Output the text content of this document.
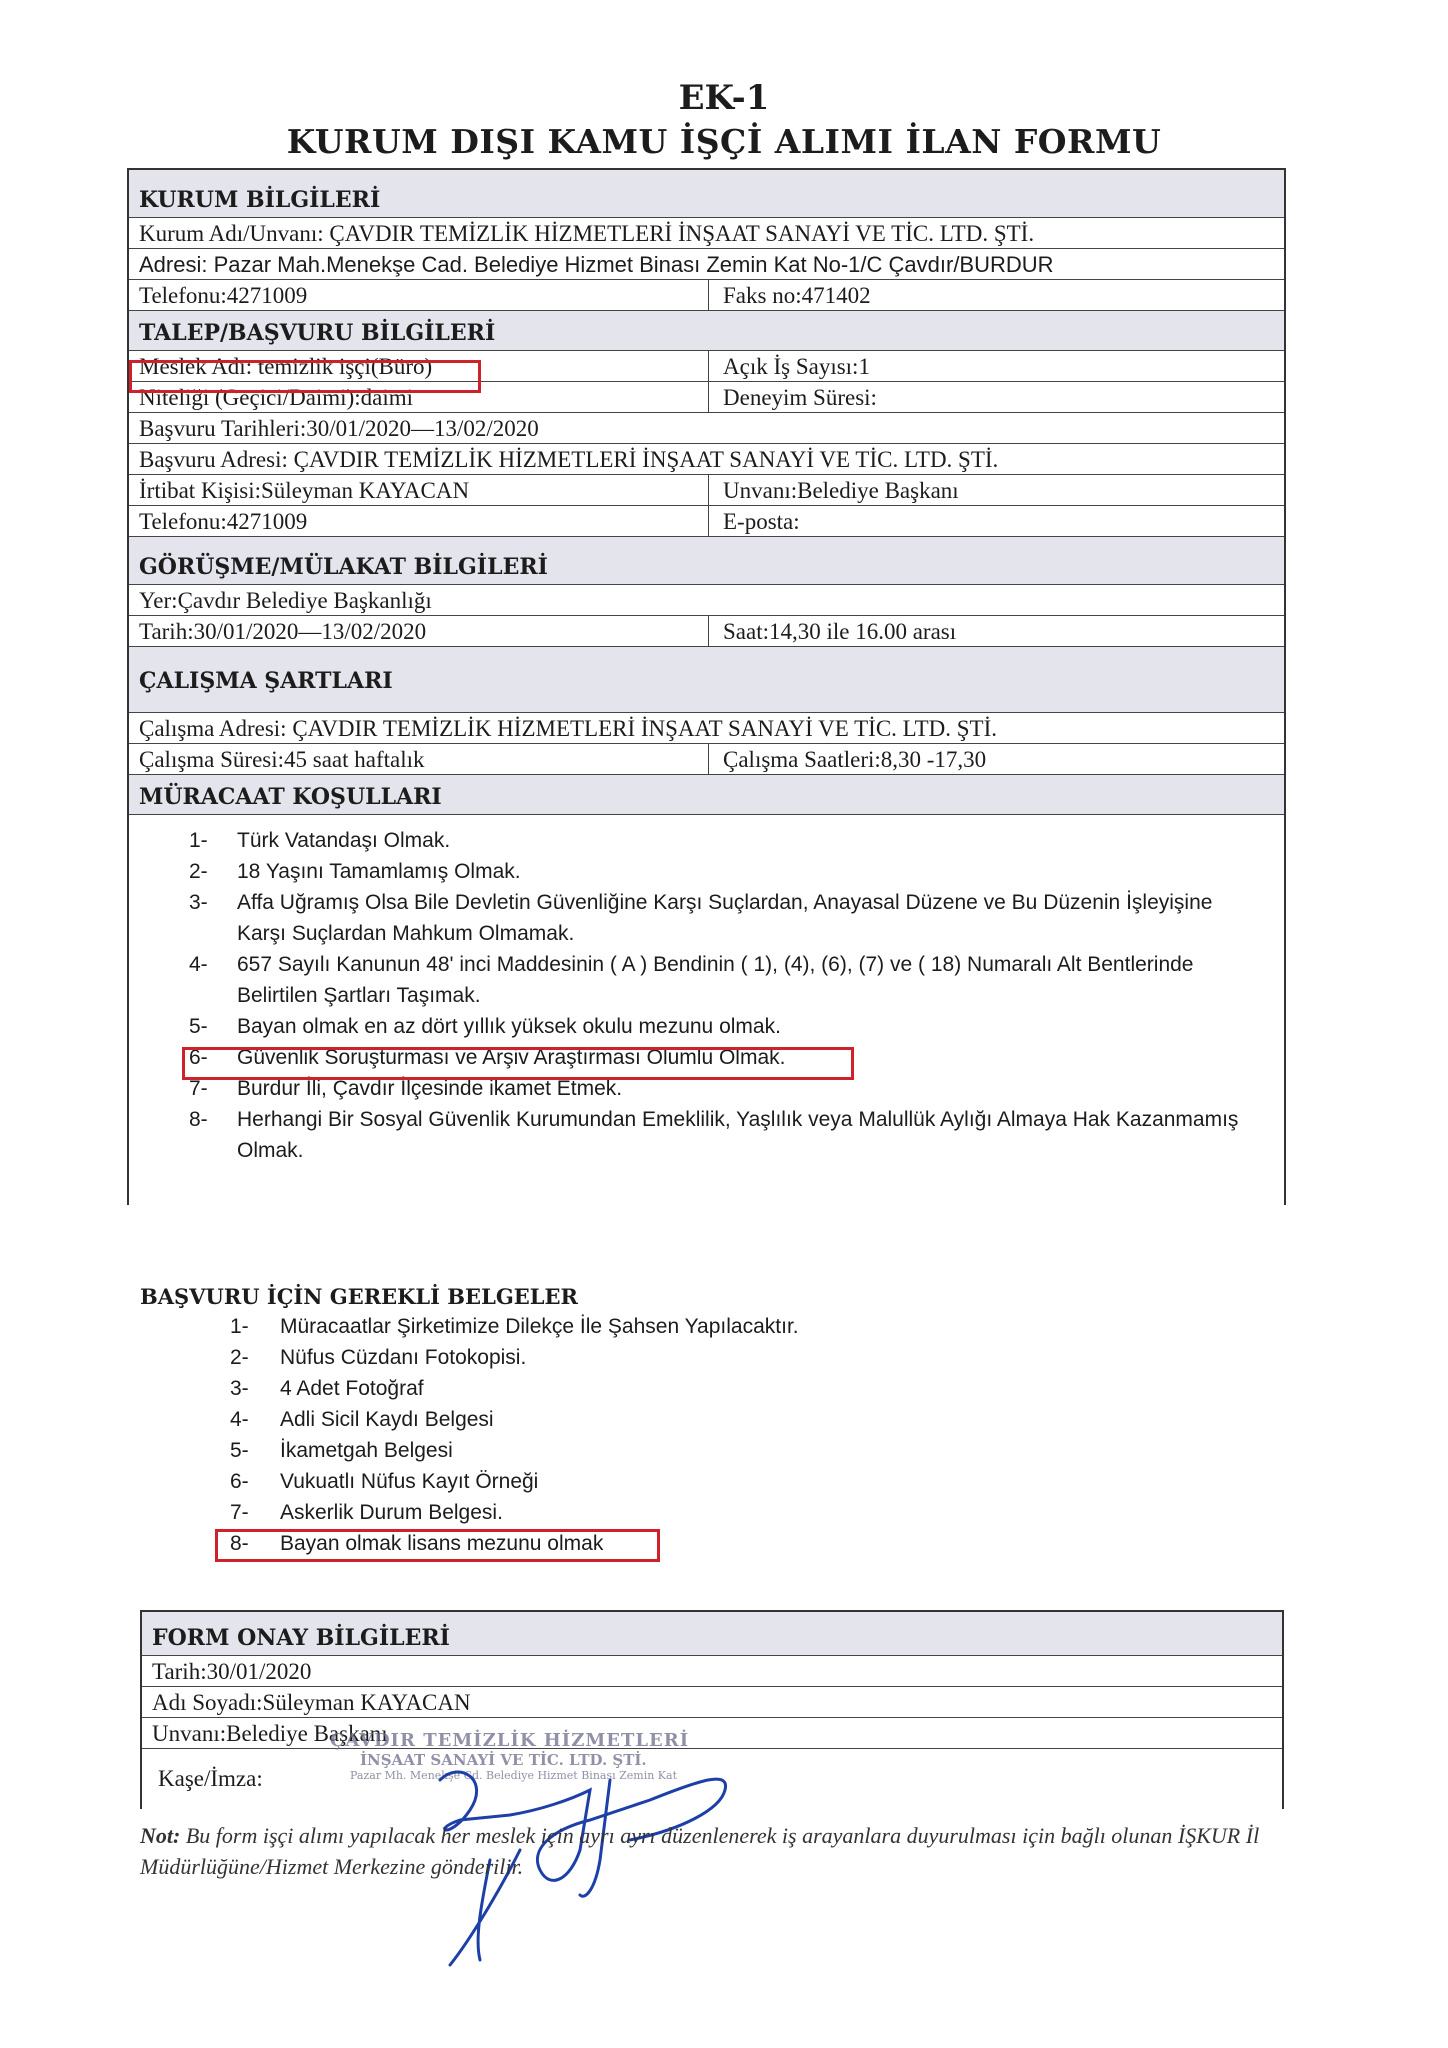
EK-1
KURUM DIŞI KAMU İŞÇİ ALIMI İLAN FORMU
KURUM BİLGİLERİ
Kurum Adı/Unvanı: ÇAVDIR TEMİZLİK HİZMETLERİ İNŞAAT SANAYİ VE TİC. LTD. ŞTİ.
Adresi: Pazar Mah.Menekşe Cad. Belediye Hizmet Binası Zemin Kat No-1/C Çavdır/BURDUR
Telefonu:4271009	Faks no:471402
TALEP/BAŞVURU BİLGİLERİ
Meslek Adı: temizlik işçi(Büro)	Açık İş Sayısı:1
Niteliği (Geçici/Daimi):daimi	Deneyim Süresi:
Başvuru Tarihleri:30/01/2020—13/02/2020
Başvuru Adresi: ÇAVDIR TEMİZLİK HİZMETLERİ İNŞAAT SANAYİ VE TİC. LTD. ŞTİ.
İrtibat Kişisi:Süleyman KAYACAN	Unvanı:Belediye Başkanı
Telefonu:4271009	E-posta:
GÖRÜŞME/MÜLAKAT BİLGİLERİ
Yer:Çavdır Belediye Başkanlığı
Tarih:30/01/2020—13/02/2020	Saat:14,30 ile 16.00 arası
ÇALIŞMA ŞARTLARI
Çalışma Adresi: ÇAVDIR TEMİZLİK HİZMETLERİ İNŞAAT SANAYİ VE TİC. LTD. ŞTİ.
Çalışma Süresi:45 saat haftalık	Çalışma Saatleri:8,30 -17,30
MÜRACAAT KOŞULLARI
1-	Türk Vatandaşı Olmak.
2-	18 Yaşını Tamamlamış Olmak.
3-	Affa Uğramış Olsa Bile Devletin Güvenliğine Karşı Suçlardan, Anayasal Düzene ve Bu Düzenin İşleyişine Karşı Suçlardan Mahkum Olmamak.
4-	657 Sayılı Kanunun 48' inci Maddesinin ( A ) Bendinin ( 1), (4), (6), (7) ve ( 18) Numaralı Alt Bentlerinde Belirtilen Şartları Taşımak.
5-	Bayan olmak en az dört yıllık yüksek okulu mezunu olmak.
6-	Güvenlik Soruşturması ve Arşiv Araştırması Olumlu Olmak.
7-	Burdur İli, Çavdır İlçesinde ikamet Etmek.
8-	Herhangi Bir Sosyal Güvenlik Kurumundan Emeklilik, Yaşlılık veya Malullük Aylığı Almaya Hak Kazanmamış Olmak.
BAŞVURU İÇİN GEREKLİ BELGELER
1-	Müracaatlar Şirketimize Dilekçe İle Şahsen Yapılacaktır.
2-	Nüfus Cüzdanı Fotokopisi.
3-	4 Adet Fotoğraf
4-	Adli Sicil Kaydı Belgesi
5-	İkametgah Belgesi
6-	Vukuatlı Nüfus Kayıt Örneği
7-	Askerlik Durum Belgesi.
8-	Bayan olmak lisans mezunu olmak
FORM ONAY BİLGİLERİ
Tarih:30/01/2020
Adı Soyadı:Süleyman KAYACAN
Unvanı:Belediye Başkanı
Kaşe/İmza:
ÇAVDIR TEMİZLİK HİZMETLERİ
İNŞAAT SANAYİ VE TİC. LTD. ŞTİ.
Pazar Mh. Menekşe Cd. Belediye Hizmet Binası Zemin Kat
Not: Bu form işçi alımı yapılacak her meslek için ayrı ayrı düzenlenerek iş arayanlara duyurulması için bağlı olunan İŞKUR İl Müdürlüğüne/Hizmet Merkezine gönderilir.
